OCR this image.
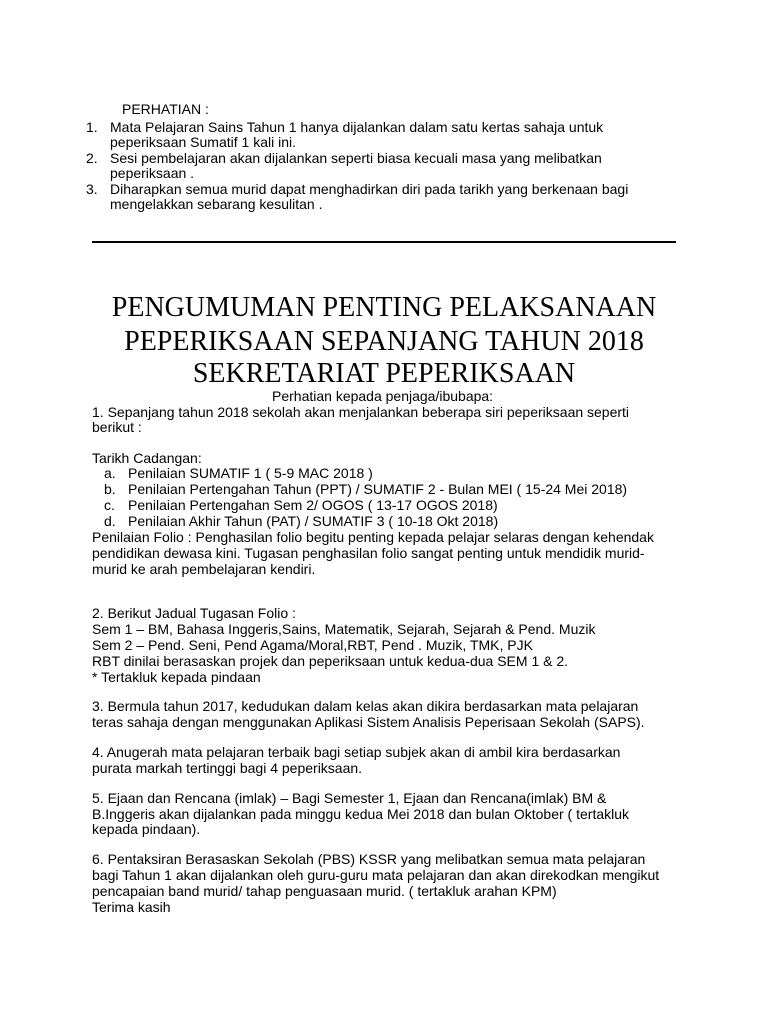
PERHATIAN :
1. Mata Pelajaran Sains Tahun 1 hanya dijalankan dalam satu kertas sahaja untuk
peperiksaan Sumatif 1 kali ini.
2. Sesi pembelajaran akan dijalankan seperti biasa kecuali masa yang melibatkan
peperiksaan .
3. Diharapkan semua murid dapat menghadirkan diri pada tarikh yang berkenaan bagi
mengelakkan sebarang kesulitan .
PENGUMUMAN PENTING PELAKSANAAN
PEPERIKSAAN SEPANJANG TAHUN 2018
SEKRETARIAT PEPERIKSAAN
Perhatian kepada penjaga/ibubapa:
1. Sepanjang tahun 2018 sekolah akan menjalankan beberapa siri peperiksaan seperti
berikut :
Tarikh Cadangan:
a. Penilaian SUMATIF 1 ( 5-9 MAC 2018 )
b. Penilaian Pertengahan Tahun (PPT) / SUMATIF 2 - Bulan MEI ( 15-24 Mei 2018)
c. Penilaian Pertengahan Sem 2/ OGOS ( 13-17 OGOS 2018)
d. Penilaian Akhir Tahun (PAT) / SUMATIF 3 ( 10-18 Okt 2018)
Penilaian Folio : Penghasilan folio begitu penting kepada pelajar selaras dengan kehendak
pendidikan dewasa kini. Tugasan penghasilan folio sangat penting untuk mendidik murid-
murid ke arah pembelajaran kendiri.
2. Berikut Jadual Tugasan Folio :
Sem 1 – BM, Bahasa Inggeris,Sains, Matematik, Sejarah, Sejarah & Pend. Muzik
Sem 2 – Pend. Seni, Pend Agama/Moral,RBT, Pend . Muzik, TMK, PJK
RBT dinilai berasaskan projek dan peperiksaan untuk kedua-dua SEM 1 & 2.
* Tertakluk kepada pindaan
3. Bermula tahun 2017, kedudukan dalam kelas akan dikira berdasarkan mata pelajaran
teras sahaja dengan menggunakan Aplikasi Sistem Analisis Peperisaan Sekolah (SAPS).
4. Anugerah mata pelajaran terbaik bagi setiap subjek akan di ambil kira berdasarkan
purata markah tertinggi bagi 4 peperiksaan.
5. Ejaan dan Rencana (imlak) – Bagi Semester 1, Ejaan dan Rencana(imlak) BM &
B.Inggeris akan dijalankan pada minggu kedua Mei 2018 dan bulan Oktober ( tertakluk
kepada pindaan).
6. Pentaksiran Berasaskan Sekolah (PBS) KSSR yang melibatkan semua mata pelajaran
bagi Tahun 1 akan dijalankan oleh guru-guru mata pelajaran dan akan direkodkan mengikut
pencapaian band murid/ tahap penguasaan murid. ( tertakluk arahan KPM)
Terima kasih
